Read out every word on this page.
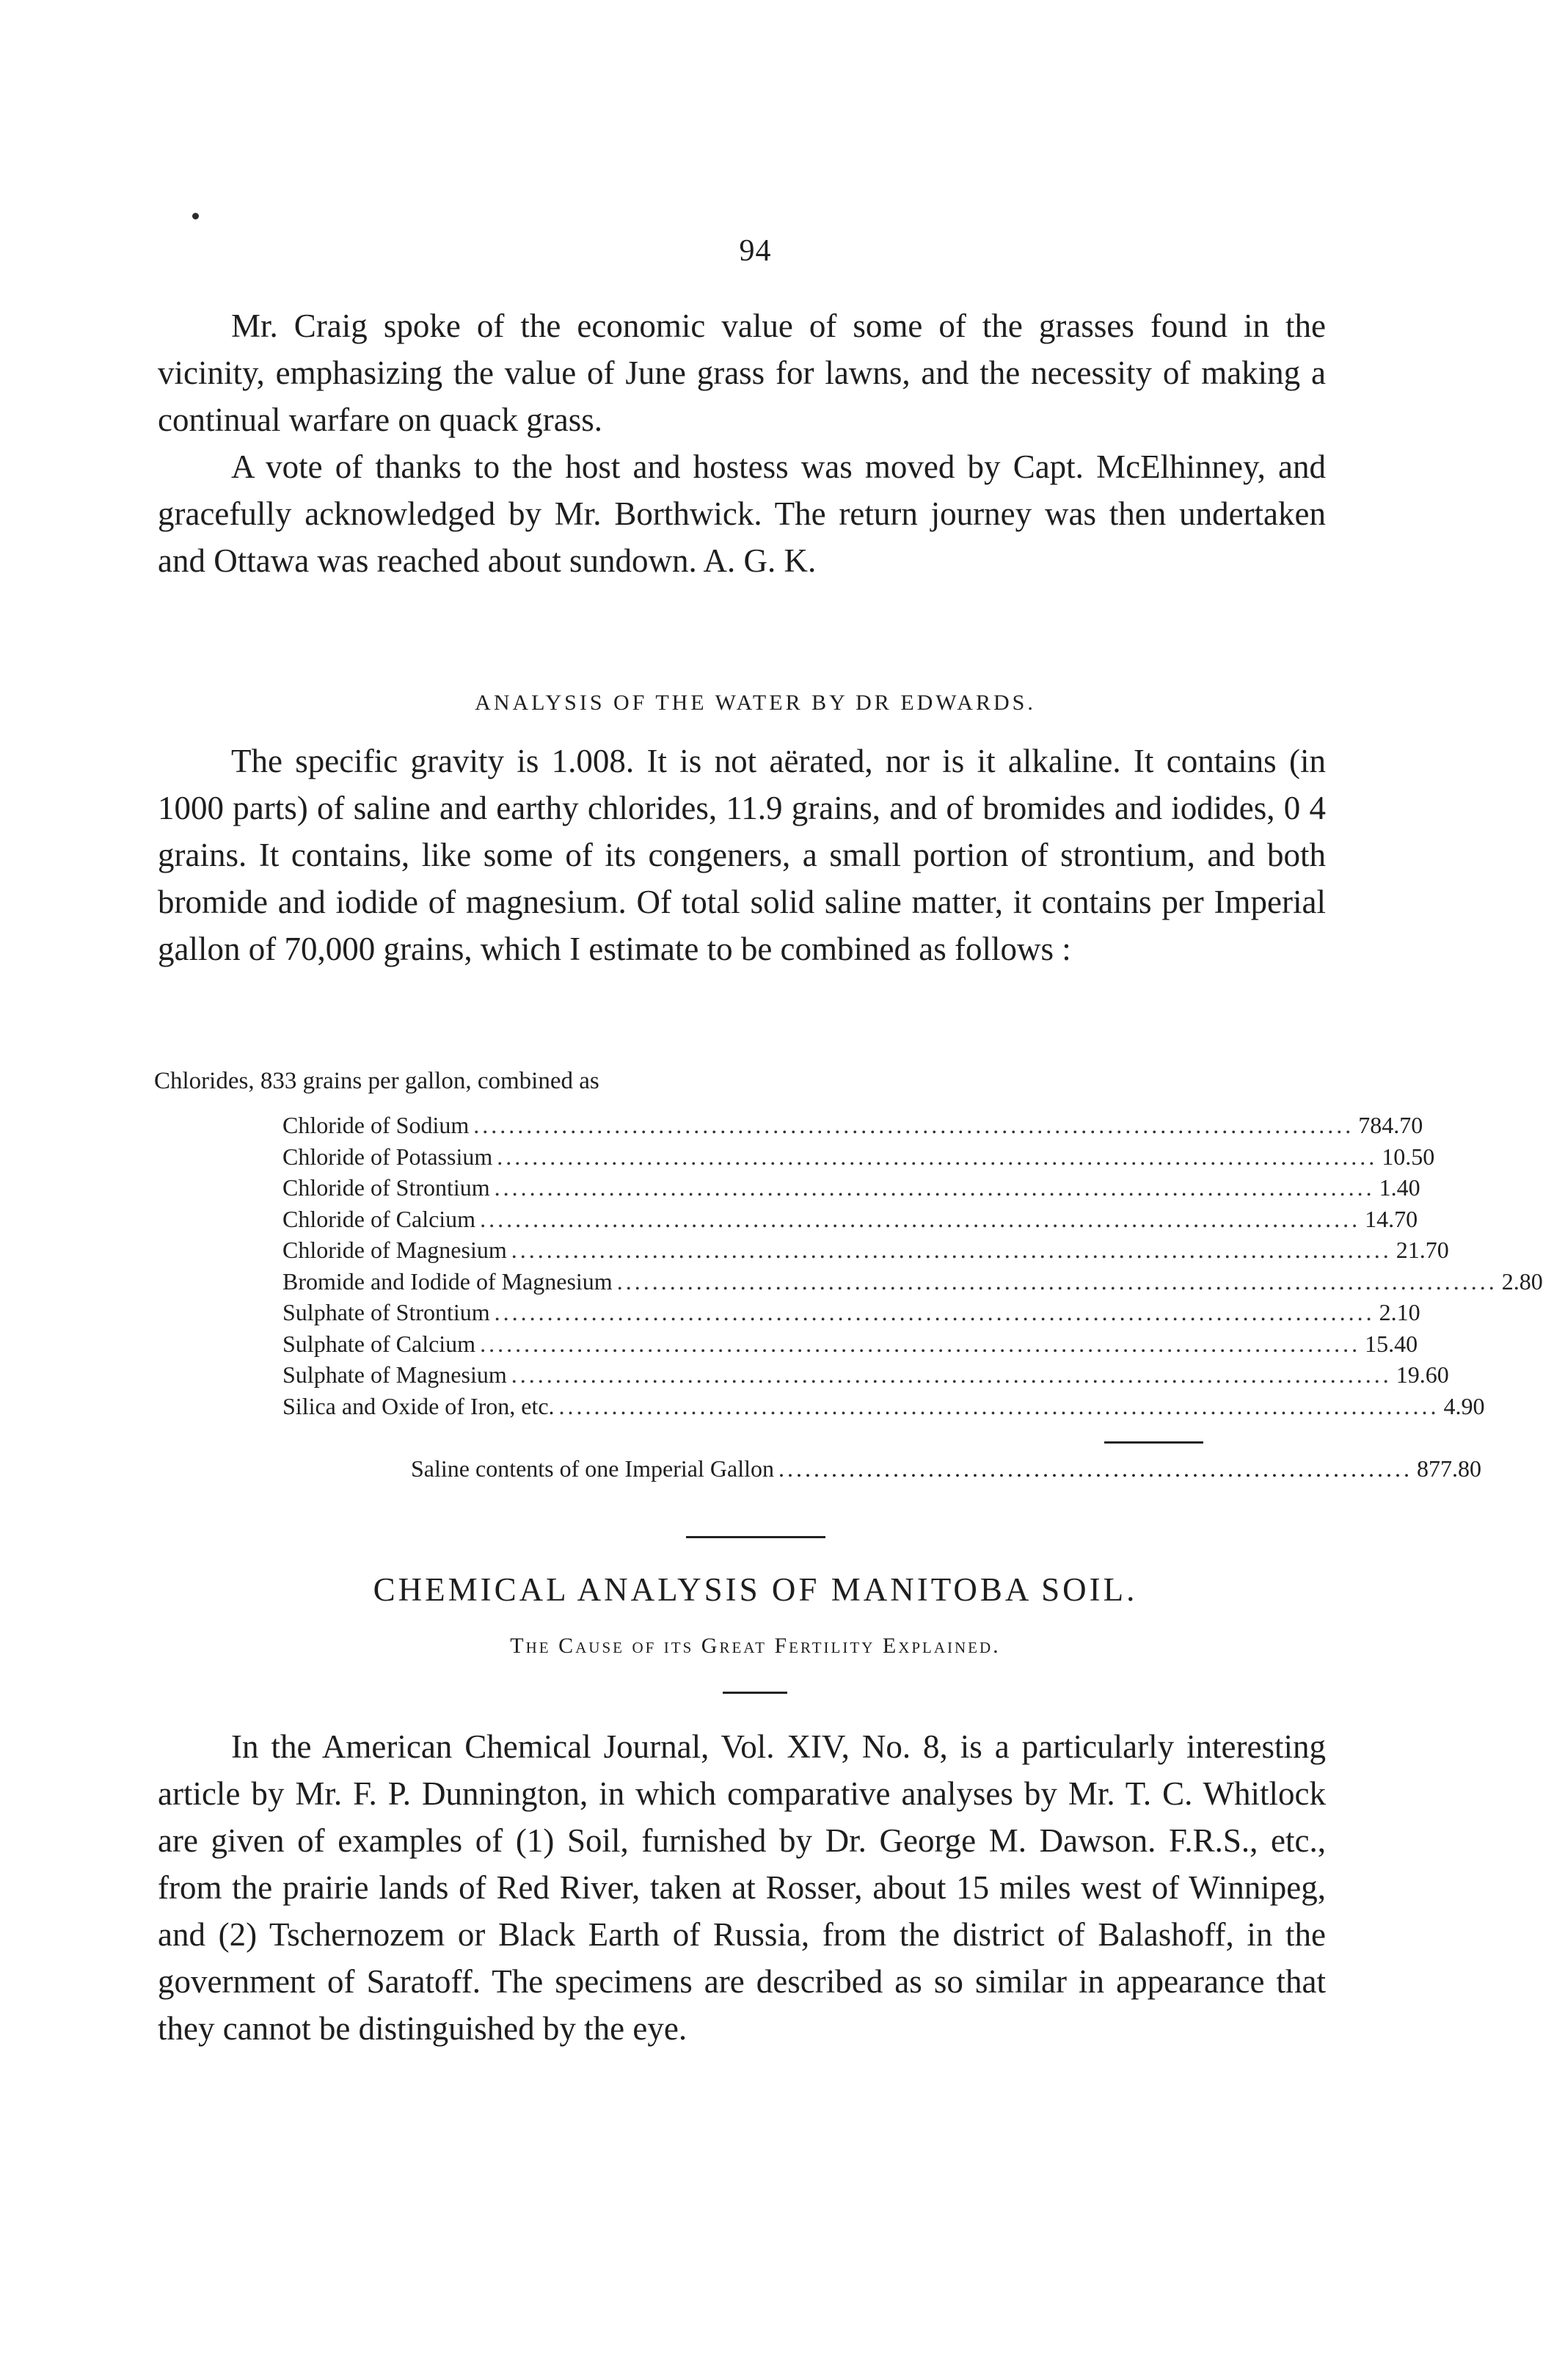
94

Mr. Craig spoke of the economic value of some of the grasses found in the vicinity, emphasizing the value of June grass for lawns, and the necessity of making a continual warfare on quack grass.

A vote of thanks to the host and hostess was moved by Capt. McElhinney, and gracefully acknowledged by Mr. Borthwick. The return journey was then undertaken and Ottawa was reached about sundown. A. G. K.

ANALYSIS OF THE WATER BY DR EDWARDS.

The specific gravity is 1.008. It is not aërated, nor is it alkaline. It contains (in 1000 parts) of saline and earthy chlorides, 11.9 grains, and of bromides and iodides, 0 4 grains. It contains, like some of its congeners, a small portion of strontium, and both bromide and iodide of magnesium. Of total solid saline matter, it contains per Imperial gallon of 70,000 grains, which I estimate to be combined as follows :

Chlorides, 833 grains per gallon, combined as

Chloride of Sodium .................................................................................................... 784.70
Chloride of Potassium .................................................................................................... 10.50
Chloride of Strontium .................................................................................................... 1.40
Chloride of Calcium .................................................................................................... 14.70
Chloride of Magnesium .................................................................................................... 21.70
Bromide and Iodide of Magnesium .................................................................................................... 2.80
Sulphate of Strontium .................................................................................................... 2.10
Sulphate of Calcium .................................................................................................... 15.40
Sulphate of Magnesium .................................................................................................... 19.60
Silica and Oxide of Iron, etc. .................................................................................................... 4.90
Saline contents of one Imperial Gallon ........................................................................ 877.80

CHEMICAL ANALYSIS OF MANITOBA SOIL.

The Cause of its Great Fertility Explained.

In the American Chemical Journal, Vol. XIV, No. 8, is a particularly interesting article by Mr. F. P. Dunnington, in which comparative analyses by Mr. T. C. Whitlock are given of examples of (1) Soil, furnished by Dr. George M. Dawson. F.R.S., etc., from the prairie lands of Red River, taken at Rosser, about 15 miles west of Winnipeg, and (2) Tschernozem or Black Earth of Russia, from the district of Balashoff, in the government of Saratoff. The specimens are described as so similar in appearance that they cannot be distinguished by the eye.
